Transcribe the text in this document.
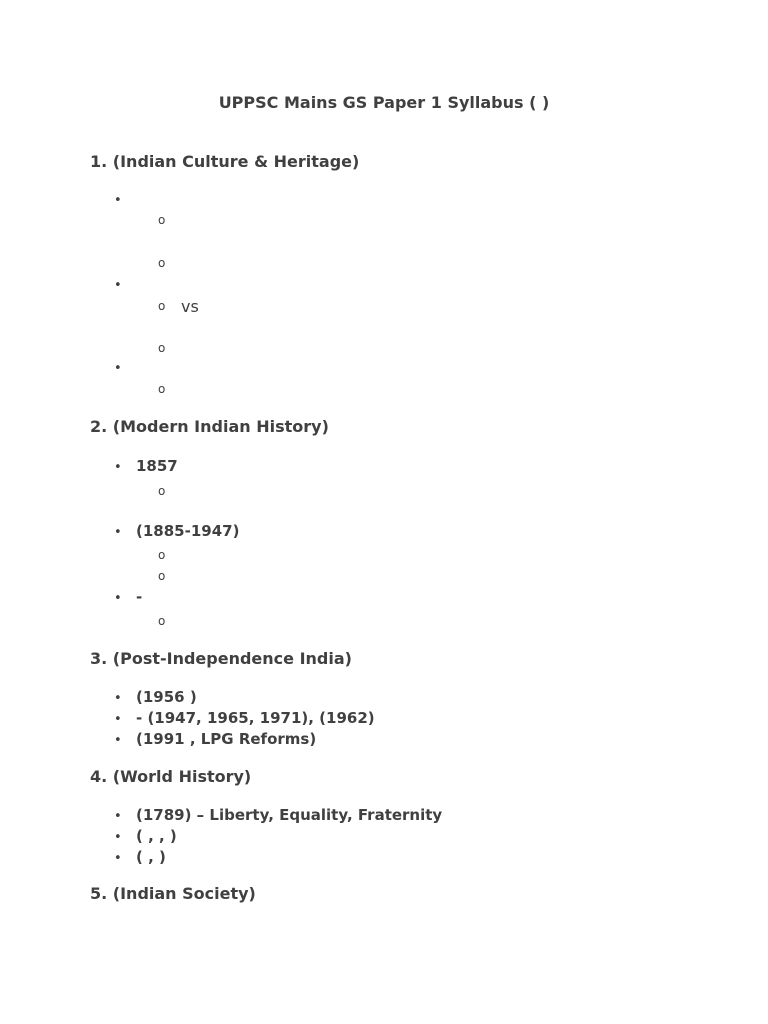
UPPSC Mains GS Paper 1 Syllabus ( )
1. (Indian Culture & Heritage)
•
o
o
•
o vs
o
•
o
2. (Modern Indian History)
• 1857
o
• (1885-1947)
o
o
• -
o
3. (Post-Independence India)
• (1956 )
• - (1947, 1965, 1971), (1962)
• (1991 , LPG Reforms)
4. (World History)
• (1789) – Liberty, Equality, Fraternity
• ( , , )
• ( , )
5. (Indian Society)
